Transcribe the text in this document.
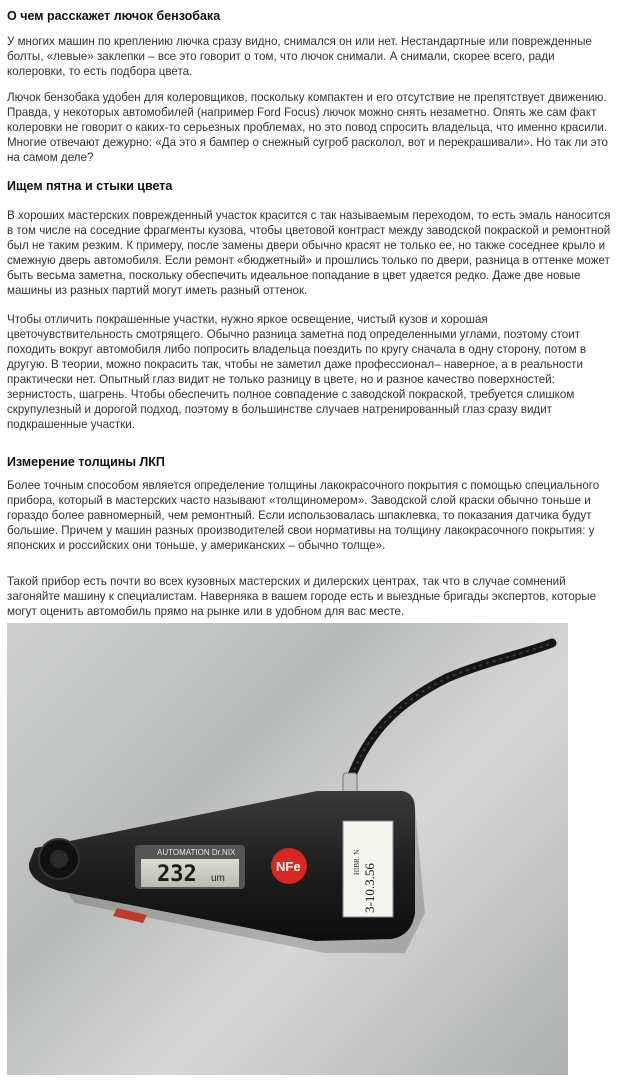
О чем расскажет лючок бензобака

У многих машин по креплению лючка сразу видно, снимался он или нет. Нестандартные или поврежденные болты, «левые» заклепки – все это говорит о том, что лючок снимали. А снимали, скорее всего, ради колеровки, то есть подбора цвета.

Лючок бензобака удобен для колеровщиков, поскольку компактен и его отсутствие не препятствует движению. Правда, у некоторых автомобилей (например Ford Focus) лючок можно снять незаметно. Опять же сам факт колеровки не говорит о каких-то серьезных проблемах, но это повод спросить владельца, что именно красили. Многие отвечают дежурно: «Да это я бампер о снежный сугроб расколол, вот и перекрашивали». Но так ли это на самом деле?

Ищем пятна и стыки цвета

В хороших мастерских поврежденный участок красится с так называемым переходом, то есть эмаль наносится в том числе на соседние фрагменты кузова, чтобы цветовой контраст между заводской покраской и ремонтной был не таким резким. К примеру, после замены двери обычно красят не только ее, но также соседнее крыло и смежную дверь автомобиля. Если ремонт «бюджетный» и прошлись только по двери, разница в оттенке может быть весьма заметна, поскольку обеспечить идеальное попадание в цвет удается редко. Даже две новые машины из разных партий могут иметь разный оттенок.

Чтобы отличить покрашенные участки, нужно яркое освещение, чистый кузов и хорошая цветочувствительность смотрящего. Обычно разница заметна под определенными углами, поэтому стоит походить вокруг автомобиля либо попросить владельца поездить по кругу сначала в одну сторону, потом в другую. В теории, можно покрасить так, чтобы не заметил даже профессионал– наверное, а в реальности практически нет. Опытный глаз видит не только разницу в цвете, но и разное качество поверхностей: зернистость, шагрень. Чтобы обеспечить полное совпадение с заводской покраской, требуется слишком скрупулезный и дорогой подход, поэтому в большинстве случаев натренированный глаз сразу видит подкрашенные участки.

Измерение толщины ЛКП

Более точным способом является определение толщины лакокрасочного покрытия с помощью специального прибора, который в мастерских часто называют «толщиномером». Заводской слой краски обычно тоньше и гораздо более равномерный, чем ремонтный. Если использовалась шпаклевка, то показания датчика будут большие. Причем у машин разных производителей свои нормативы на толщину лакокрасочного покрытия: у японских и российских они тоньше, у американских – обычно толще».

Такой прибор есть почти во всех кузовных мастерских и дилерских центрах, так что в случае сомнений загоняйте машину к специалистам. Наверняка в вашем городе есть и выездные бригады экспертов, которые могут оценить автомобиль прямо на рынке или в удобном для вас месте.

AUTOMATION Dr.NIX
232 um
NFe	3-10.3.56
HIBR. N
